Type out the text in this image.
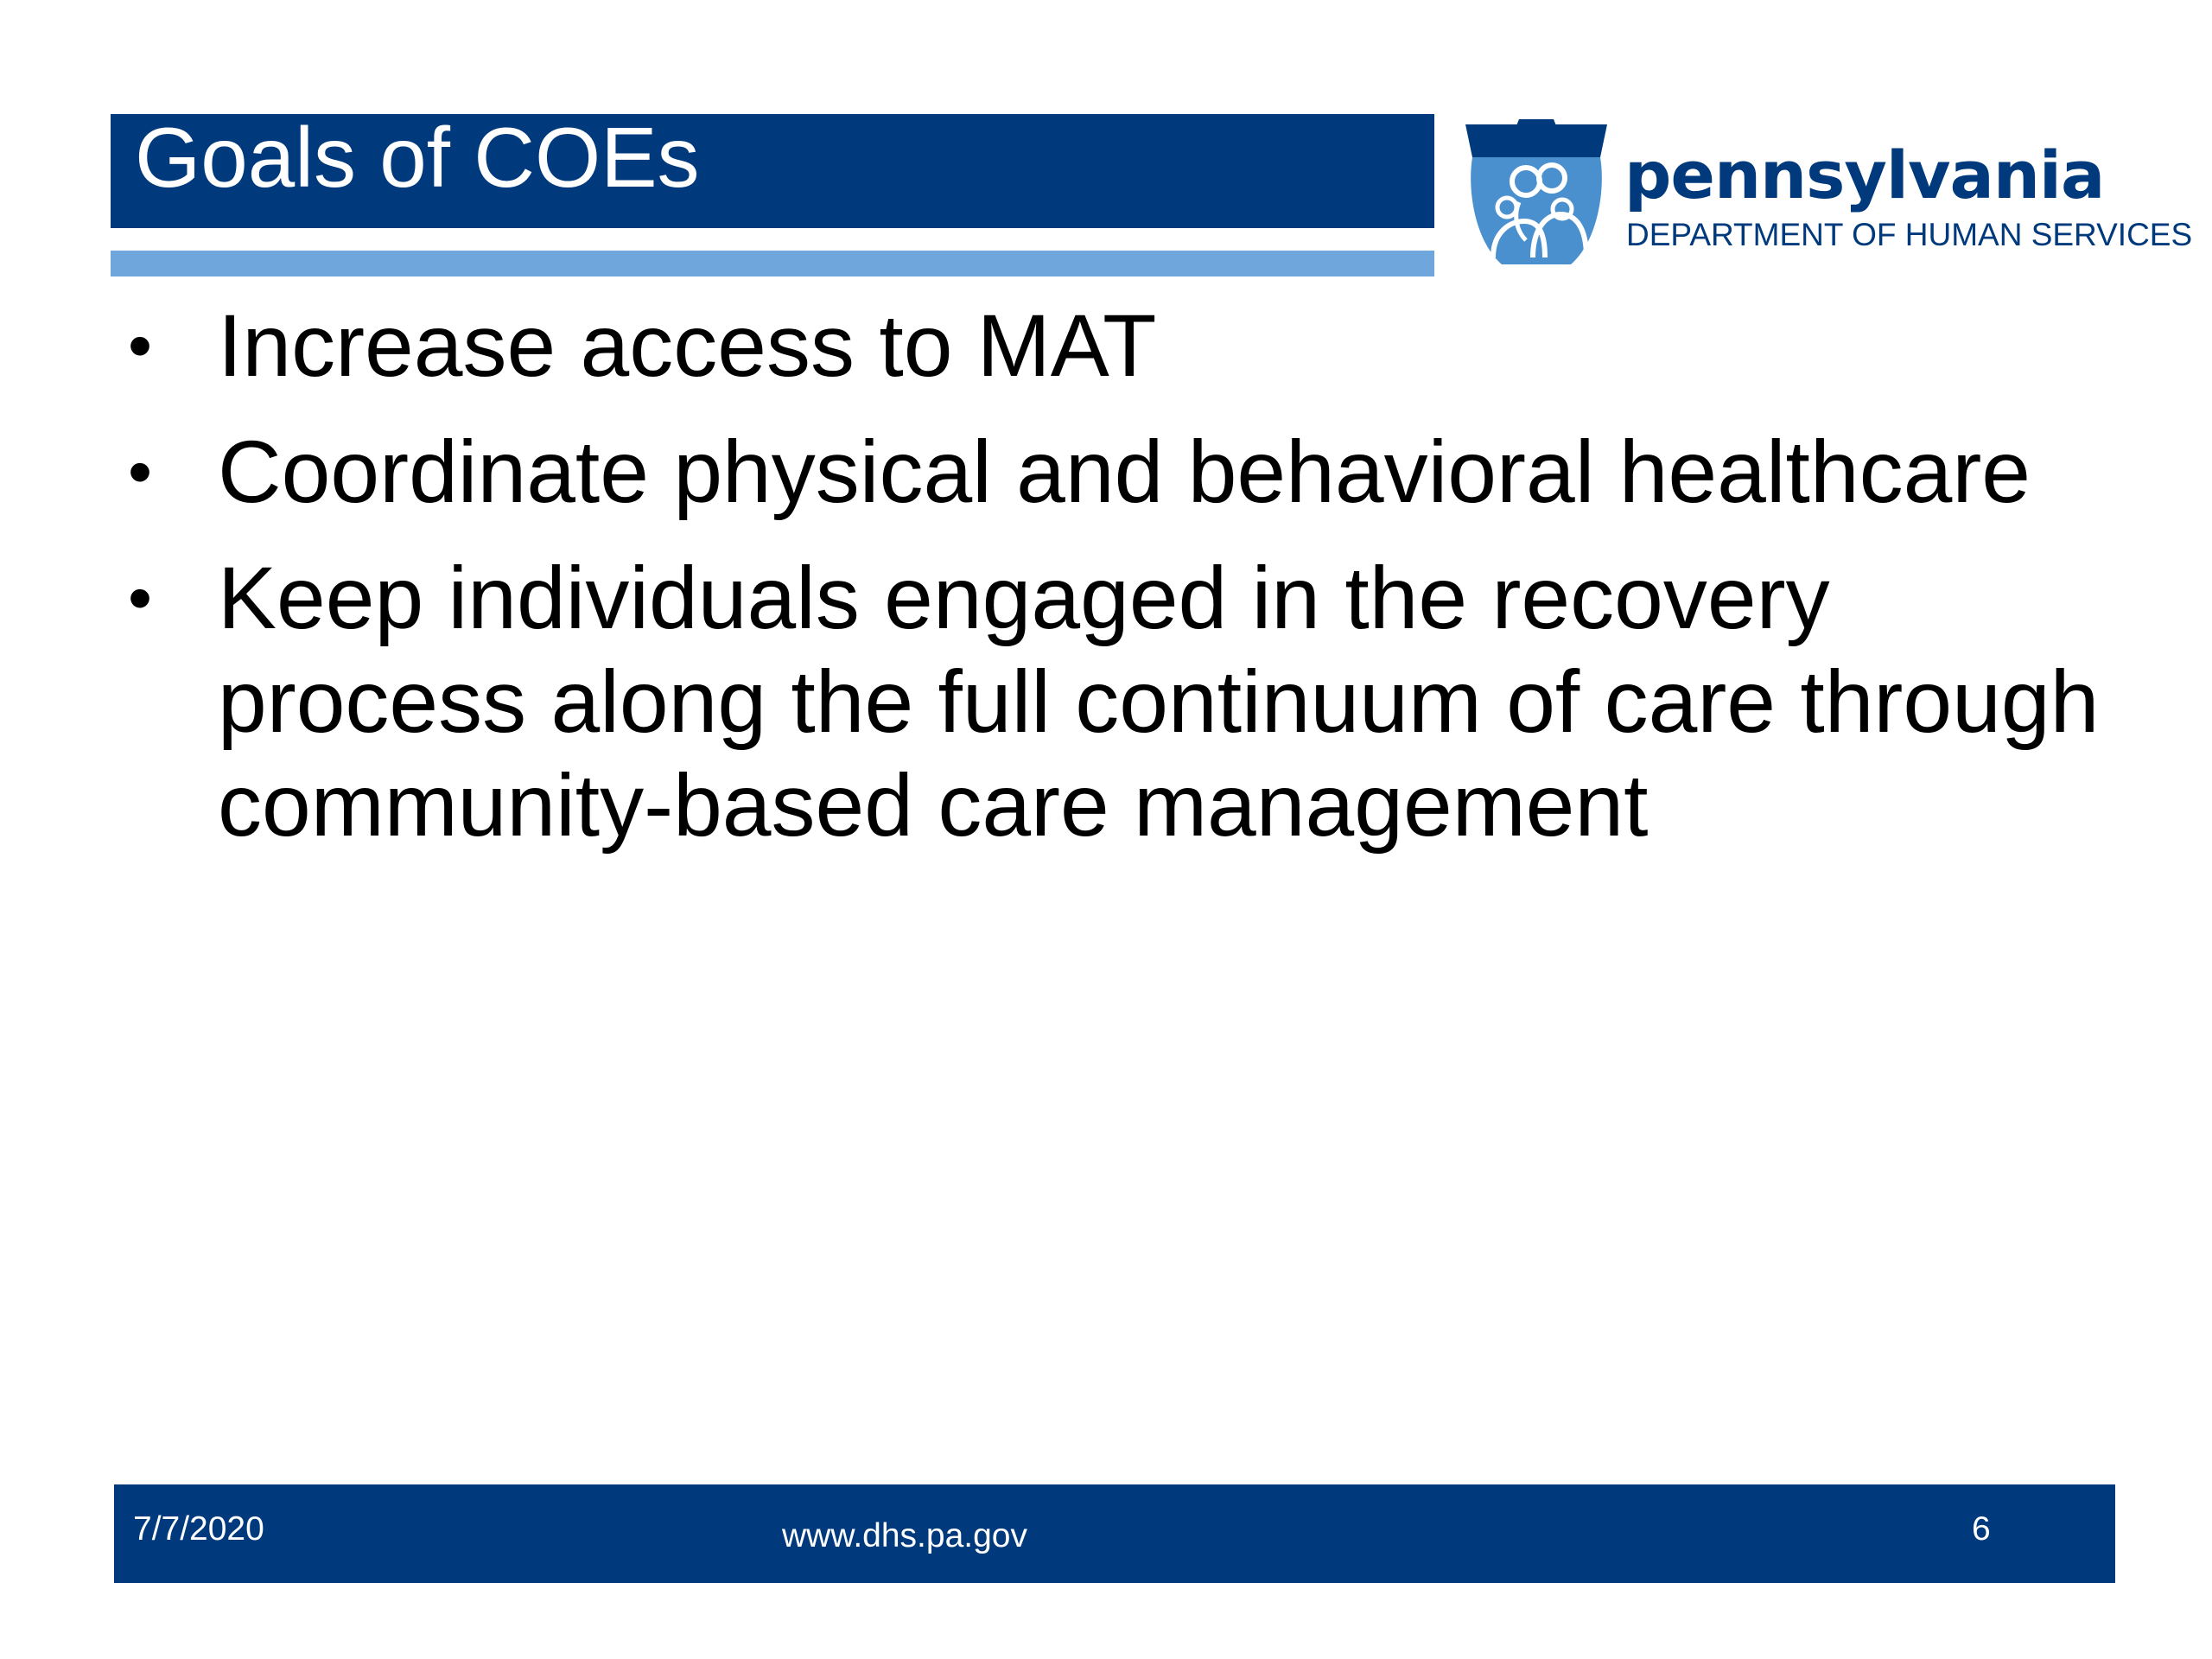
Goals of COEs	pennsylvania
DEPARTMENT OF HUMAN SERVICES
• Increase access to MAT
• Coordinate physical and behavioral healthcare
• Keep individuals engaged in the recovery process along the full continuum of care through community-based care management
7/7/2020	www.dhs.pa.gov	6
